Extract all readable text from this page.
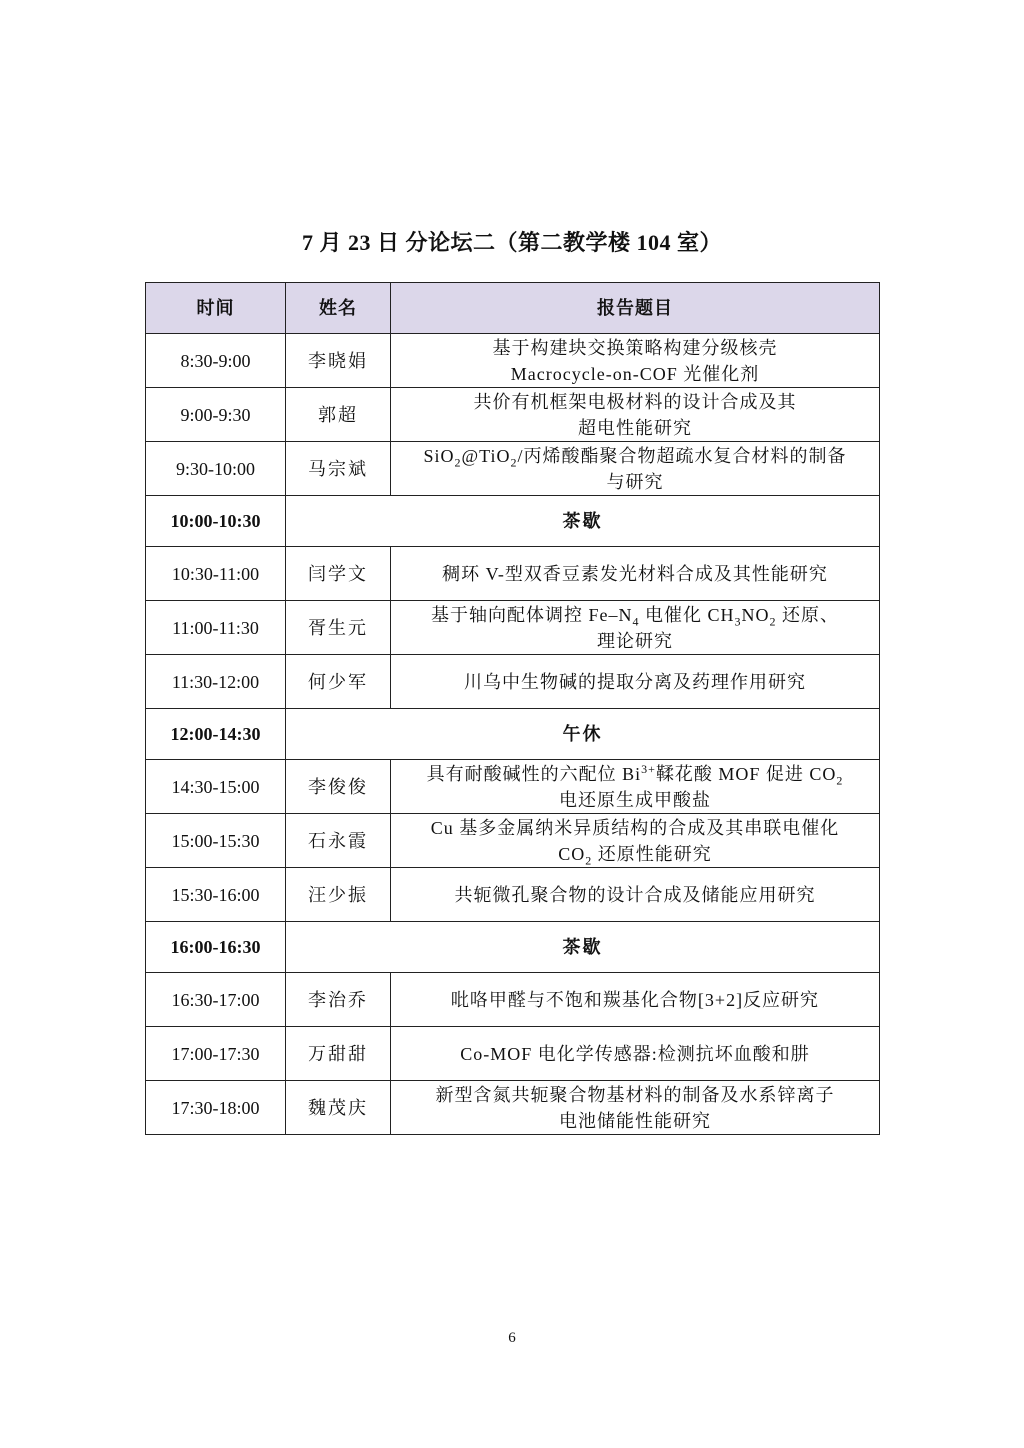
7 月 23 日 分论坛二（第二教学楼 104 室）
时间	姓名	报告题目
8:30-9:00	李晓娟	基于构建块交换策略构建分级核壳
Macrocycle-on-COF 光催化剂

9:00-9:30	郭超	共价有机框架电极材料的设计合成及其
超电性能研究

9:30-10:00	马宗斌	SiO$_2$@TiO$_2$/丙烯酸酯聚合物超疏水复合材料的制备
与研究

10:00-10:30	茶歇	
10:30-11:00	闫学文	稠环 V-型双香豆素发光材料合成及其性能研究

11:00-11:30	胥生元	基于轴向配体调控 $Fe-N_4$ 电催化 $CH_3NO_2$ 还原、
理论研究

11:30-12:00	何少军	川乌中生物碱的提取分离及药理作用研究

12:00-14:30	午休	
14:30-15:00	李俊俊	具有耐酸碱性的六配位 $Bi^{3+}$鞣花酸 MOF 促进 $CO_2$
电还原生成甲酸盐

15:00-15:30	石永霞	Cu 基多金属纳米异质结构的合成及其串联电催化
$CO_2$ 还原性能研究

15:30-16:00	汪少振	共轭微孔聚合物的设计合成及储能应用研究

16:00-16:30	茶歇	
16:30-17:00	李治乔	吡咯甲醛与不饱和羰基化合物[3+2]反应研究

17:00-17:30	万甜甜	Co-MOF 电化学传感器:检测抗坏血酸和肼

17:30-18:00	魏茂庆	新型含氮共轭聚合物基材料的制备及水系锌离子
电池储能性能研究
6
